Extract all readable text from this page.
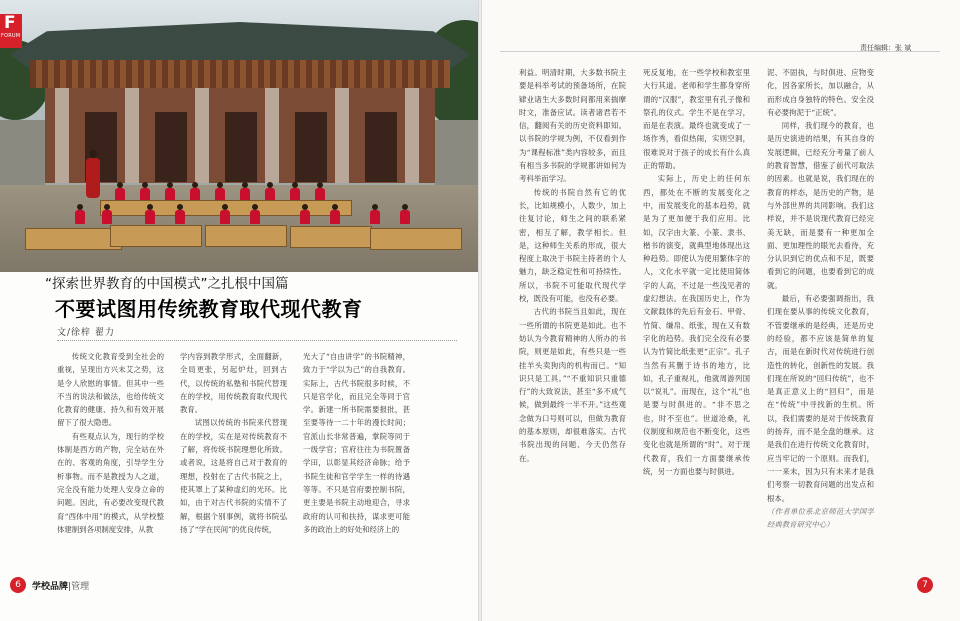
F
FORUM
“探索世界教育的中国模式”之扎根中国篇
不要试图用传统教育取代现代教育
文/徐梓 翟力

传统文化教育受到全社会的重视，呈现出方兴未艾之势，这是令人欣慰的事情。但其中一些不当的说法和做法，也给传统文化教育的健康、持久和有效开展留下了很大隐患。

有些观点认为，现行的学校体制是西方的产物，完全站在外在的、客观的角度，引导学生分析事物。而不是教授为人之道，完全没有能力处理人安身立命的问题。因此，有必要改变现代教育“西体中用”的模式，从学校整体建制到各项制度安排，从教

学内容到教学形式，全面翻新，全局更张，另起炉灶，回到古代，以传统的私塾和书院代替现在的学校，用传统教育取代现代教育。

试图以传统的书院来代替现在的学校，实在是对传统教育不了解，将传统书院理想化所致。或者说，这是将自己对于教育的理想，投射在了古代书院之上，使其罩上了某种虚幻的光环。比如，由于对古代书院的实情不了解，根据个别事例，就将书院弘扬了“学在民间”的优良传统，

光大了“自由讲学”的书院精神，致力于“学以为己”的自我教育。实际上，古代书院很多时候，不只是官学化，而且完全等同于官学。新建一所书院需要报批，甚至要等待一二十年的漫长时间；官派山长非常普遍，掌院等同于一级学官；官府往往为书院置备学田，以彰显其经济命脉；给予书院生徒和官学学生一样的待遇等等。不只是官府要控制书院，更主要是书院主动地迎合，寻求政府的认可和扶持，谋求更可能多的政治上的好处和经济上的

6	学校品牌|管理
责任编辑：张 斌

利益。明清时期，大多数书院主要是科举考试的预备场所，在院肄业诸生大多数时间都用来揣摩时文，准备应试。读者诸君若不信，翻阅有关的历史资料即知。以书院的学规为例，不仅看到作为“课程标准”类内容较多，而且有相当多书院的学规都讲如何为考科举而学习。

传统的书院自然有它的优长，比如规模小，人数少，加上往复讨论，师生之间的联系紧密，相互了解，教学相长。但是，这种师生关系的形成，很大程度上取决于书院主持者的个人魅力，缺乏稳定性和可持续性。所以，书院不可能取代现代学校，既没有可能，也没有必要。

古代的书院当且如此，现在一些所谓的书院更是如此。也不妨认为今教育精神的人所办的书院，则更是如此，有些只是一些挂羊头卖狗肉的机构而已。“知识只是工具。”“不重知识只重德行”的大致说法，甚至“多不成气候，做到最终一半不开。”这些观念做为口号则可以，但做为教育的基本原则，却很难落实。古代书院出现的问题、今天仍然存在。

死反复地，在一些学校和教室里大行其道。老师和学生都身穿所谓的“汉服”，教室里有孔子像和祭孔的仪式。学生不是在学习，而是在表演。最终也就变成了一场作秀，看似热闹，实则空洞，很难说对于孩子的成长有什么真正的帮助。

实际上，历史上的任何东西，都处在不断的发展变化之中，而发展变化的基本趋势，就是为了更加便于我们应用。比如，汉字由大篆、小篆、隶书、楷书的演变，就典型地体现出这种趋势。即使认为使用繁体字的人，文化水平就一定比使用简体字的人高，不过是一些浅见者的虚幻想法。在我国历史上，作为文献载体的先后有金石、甲骨、竹简、缣帛、纸张，现在又有数字化的趋势。我们完全没有必要认为竹简比纸张更“正宗”。孔子当然有其删于诗书的地方，比如，孔子重视礼，他就周游列国以“说礼”。而现在，这个“礼”也是要与时俱进的。“非不思之也，时不至也”。世道沧桑，礼仪制度和规范也不断变化，这些变化也就是所谓的“时”。对于现代教育，我们一方面要继承传统，另一方面也要与时俱进。

泥、不固执，与时俱进、应物变化，因各家所长，加以融合，从而形成自身独特的特色。安全没有必要拘泥于“正统”。

同样，我们现今的教育，也是历史演进的结果，有其自身的发展逻辑，已经充分考量了前人的教育智慧，借鉴了前代可取法的因素。也就是说，我们现在的教育的样态，是历史的产物，是与外部世界的共同影响。我们这样说，并不是说现代教育已经完美无缺，而是要有一种更加全面、更加理性的眼光去看待，充分认识到它的优点和不足，既要看到它的问题，也要看到它的成就。

最后，有必要强调指出，我们现在要从事的传统文化教育，不管要继承的是经典，还是历史的经验，都不应该是简单的复古，而是在新时代对传统进行创造性的转化，创新性的发展。我们现在所说的“回归传统”，也不是真正意义上的“回归”，而是在“传统”中寻找新的生机。所以，我们需要的是对于传统教育的扬弃，而不是全盘的继承。这是我们在进行传统文化教育时，应当牢记的一个原则。而我们，一一来未，因为只有未来才是我们考察一切教育问题的出发点和根本。

（作者单位系北京师范大学国学经典教育研究中心）

7
